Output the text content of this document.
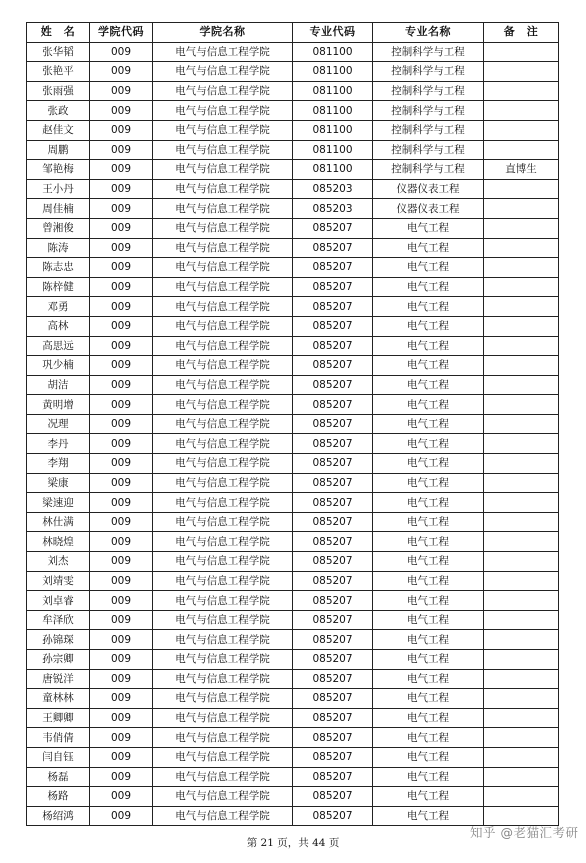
姓　名	学院代码	学院名称	专业代码	专业名称	备　注
张华韬	009	电气与信息工程学院	081100	控制科学与工程	
张艳平	009	电气与信息工程学院	081100	控制科学与工程	
张雨强	009	电气与信息工程学院	081100	控制科学与工程	
张政	009	电气与信息工程学院	081100	控制科学与工程	
赵佳文	009	电气与信息工程学院	081100	控制科学与工程	
周鹏	009	电气与信息工程学院	081100	控制科学与工程	
邹艳梅	009	电气与信息工程学院	081100	控制科学与工程	直博生
王小丹	009	电气与信息工程学院	085203	仪器仪表工程	
周佳楠	009	电气与信息工程学院	085203	仪器仪表工程	
曾湘俊	009	电气与信息工程学院	085207	电气工程	
陈涛	009	电气与信息工程学院	085207	电气工程	
陈志忠	009	电气与信息工程学院	085207	电气工程	
陈梓健	009	电气与信息工程学院	085207	电气工程	
邓勇	009	电气与信息工程学院	085207	电气工程	
高林	009	电气与信息工程学院	085207	电气工程	
高思远	009	电气与信息工程学院	085207	电气工程	
巩少楠	009	电气与信息工程学院	085207	电气工程	
胡洁	009	电气与信息工程学院	085207	电气工程	
黄明增	009	电气与信息工程学院	085207	电气工程	
况理	009	电气与信息工程学院	085207	电气工程	
李丹	009	电气与信息工程学院	085207	电气工程	
李翔	009	电气与信息工程学院	085207	电气工程	
梁康	009	电气与信息工程学院	085207	电气工程	
梁速迎	009	电气与信息工程学院	085207	电气工程	
林仕满	009	电气与信息工程学院	085207	电气工程	
林晓煌	009	电气与信息工程学院	085207	电气工程	
刘杰	009	电气与信息工程学院	085207	电气工程	
刘靖雯	009	电气与信息工程学院	085207	电气工程	
刘卓睿	009	电气与信息工程学院	085207	电气工程	
牟泽欣	009	电气与信息工程学院	085207	电气工程	
孙锦琛	009	电气与信息工程学院	085207	电气工程	
孙宗卿	009	电气与信息工程学院	085207	电气工程	
唐锐洋	009	电气与信息工程学院	085207	电气工程	
童林林	009	电气与信息工程学院	085207	电气工程	
王卿卿	009	电气与信息工程学院	085207	电气工程	
韦俏倩	009	电气与信息工程学院	085207	电气工程	
闫自钰	009	电气与信息工程学院	085207	电气工程	
杨磊	009	电气与信息工程学院	085207	电气工程	
杨路	009	电气与信息工程学院	085207	电气工程	
杨绍鸿	009	电气与信息工程学院	085207	电气工程	
第 21 页，共 44 页
知乎 @老猫汇考研
